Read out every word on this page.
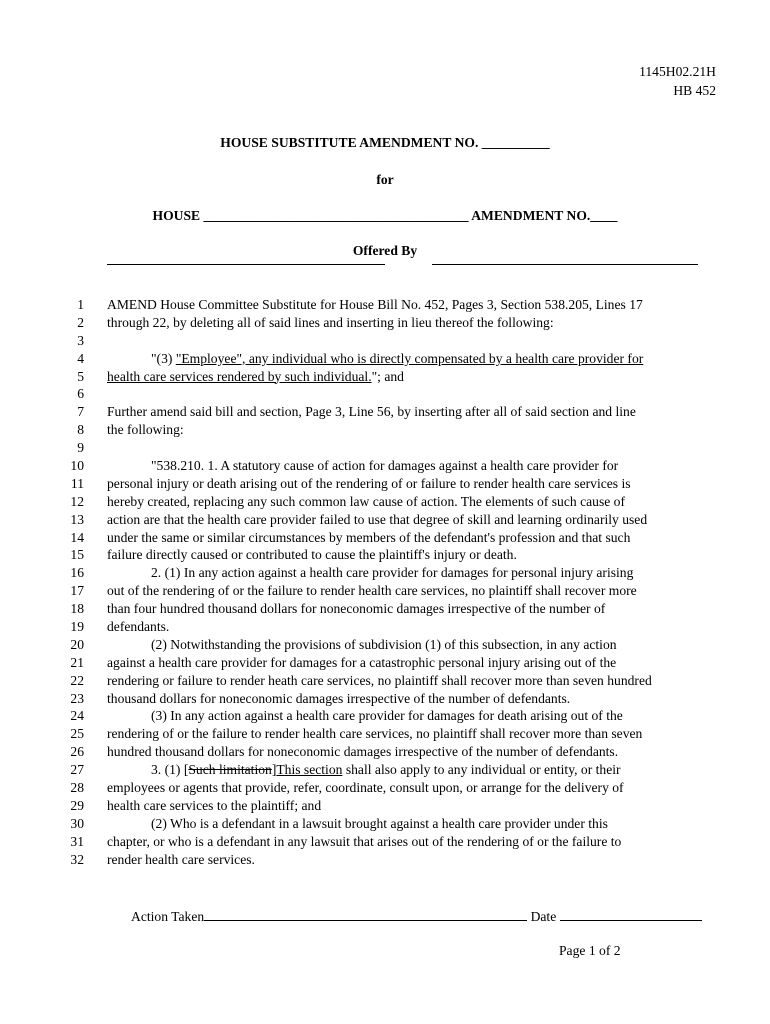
1145H02.21H
HB 452
HOUSE SUBSTITUTE AMENDMENT NO. __________
for
HOUSE _______________________________________ AMENDMENT NO.____
Offered By
1 AMEND House Committee Substitute for House Bill No. 452, Pages 3, Section 538.205, Lines 17
2 through 22, by deleting all of said lines and inserting in lieu thereof the following:
3
4	"(3) "Employee", any individual who is directly compensated by a health care provider for
5 health care services rendered by such individual."; and
6
7 Further amend said bill and section, Page 3, Line 56, by inserting after all of said section and line
8 the following:
9
10	"538.210. 1. A statutory cause of action for damages against a health care provider for
11 personal injury or death arising out of the rendering of or failure to render health care services is
12 hereby created, replacing any such common law cause of action. The elements of such cause of
13 action are that the health care provider failed to use that degree of skill and learning ordinarily used
14 under the same or similar circumstances by members of the defendant's profession and that such
15 failure directly caused or contributed to cause the plaintiff's injury or death.
16	2. (1) In any action against a health care provider for damages for personal injury arising
17 out of the rendering of or the failure to render health care services, no plaintiff shall recover more
18 than four hundred thousand dollars for noneconomic damages irrespective of the number of
19 defendants.
20	(2) Notwithstanding the provisions of subdivision (1) of this subsection, in any action
21 against a health care provider for damages for a catastrophic personal injury arising out of the
22 rendering or failure to render heath care services, no plaintiff shall recover more than seven hundred
23 thousand dollars for noneconomic damages irrespective of the number of defendants.
24	(3) In any action against a health care provider for damages for death arising out of the
25 rendering of or the failure to render health care services, no plaintiff shall recover more than seven
26 hundred thousand dollars for noneconomic damages irrespective of the number of defendants.
27	3. (1) [Such limitation]This section shall also apply to any individual or entity, or their
28 employees or agents that provide, refer, coordinate, consult upon, or arrange for the delivery of
29 health care services to the plaintiff; and
30	(2) Who is a defendant in a lawsuit brought against a health care provider under this
31 chapter, or who is a defendant in any lawsuit that arises out of the rendering of or the failure to
32 render health care services.
Action Taken	Date
Page 1 of 2
